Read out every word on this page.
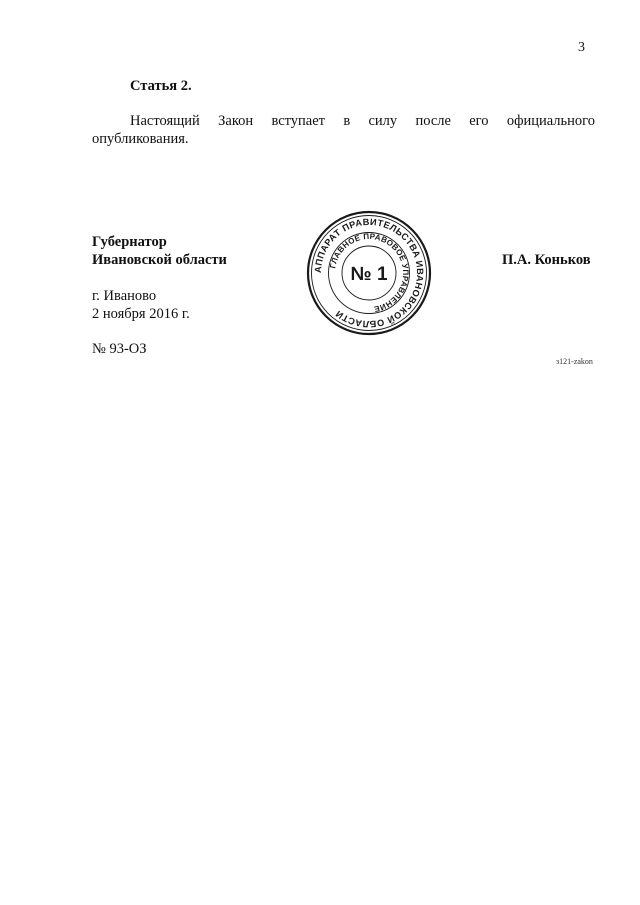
3
Статья 2.
Настоящий Закон вступает в силу после его официального
опубликования.
Губернатор
Ивановской области	П.А. Коньков
АППАРАТ ПРАВИТЕЛЬСТВА ИВАНОВСКОЙ ОБЛАСТИ
ГЛАВНОЕ ПРАВОВОЕ УПРАВЛЕНИЕ
№ 1
г. Иваново
2 ноября 2016 г.
№ 93-ОЗ
з121-zakon
